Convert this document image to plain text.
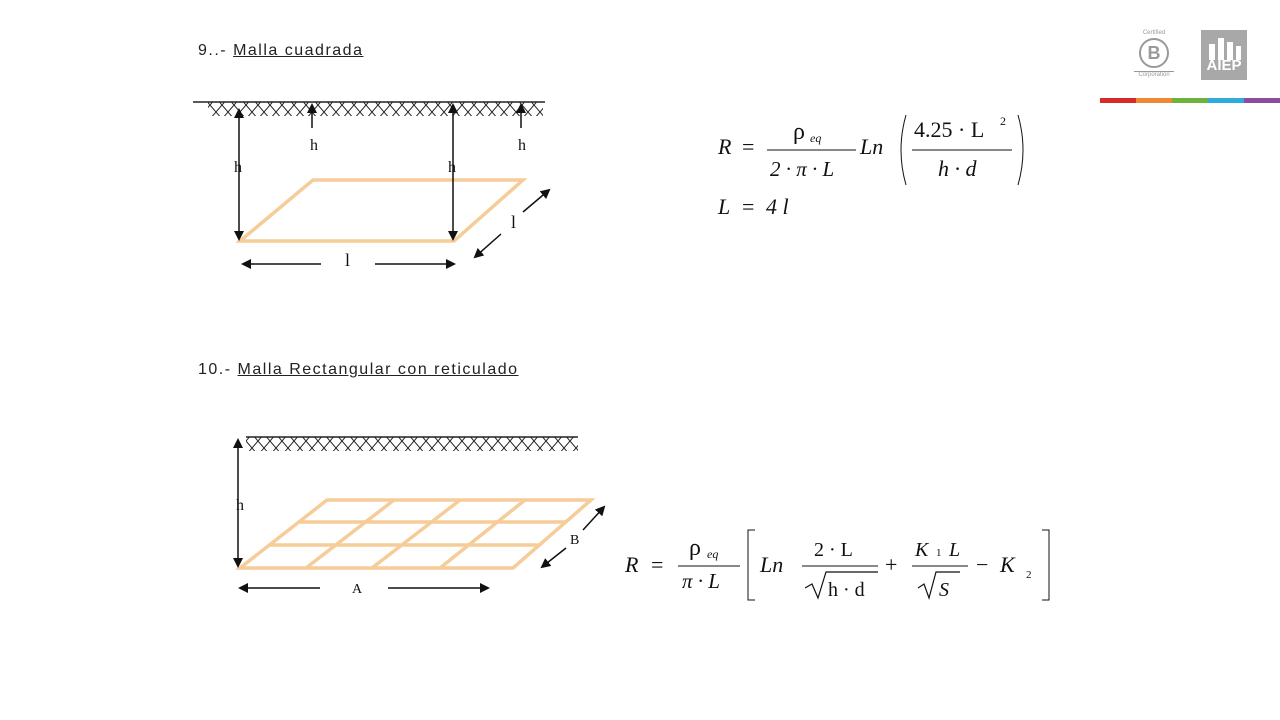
9..- Malla cuadrada
10.- Malla Rectangular con reticulado
Certified
B
Corporation
AIEP
h
h
h
h
l
l
R =
ρ eq
2 · π · L
Ln
4.25 · L 2
h · d
L = 4 l
h
A
B
R =
ρ eq
π · L
Ln
2 · L
h · d
+
K 1 L
S
− K 2
